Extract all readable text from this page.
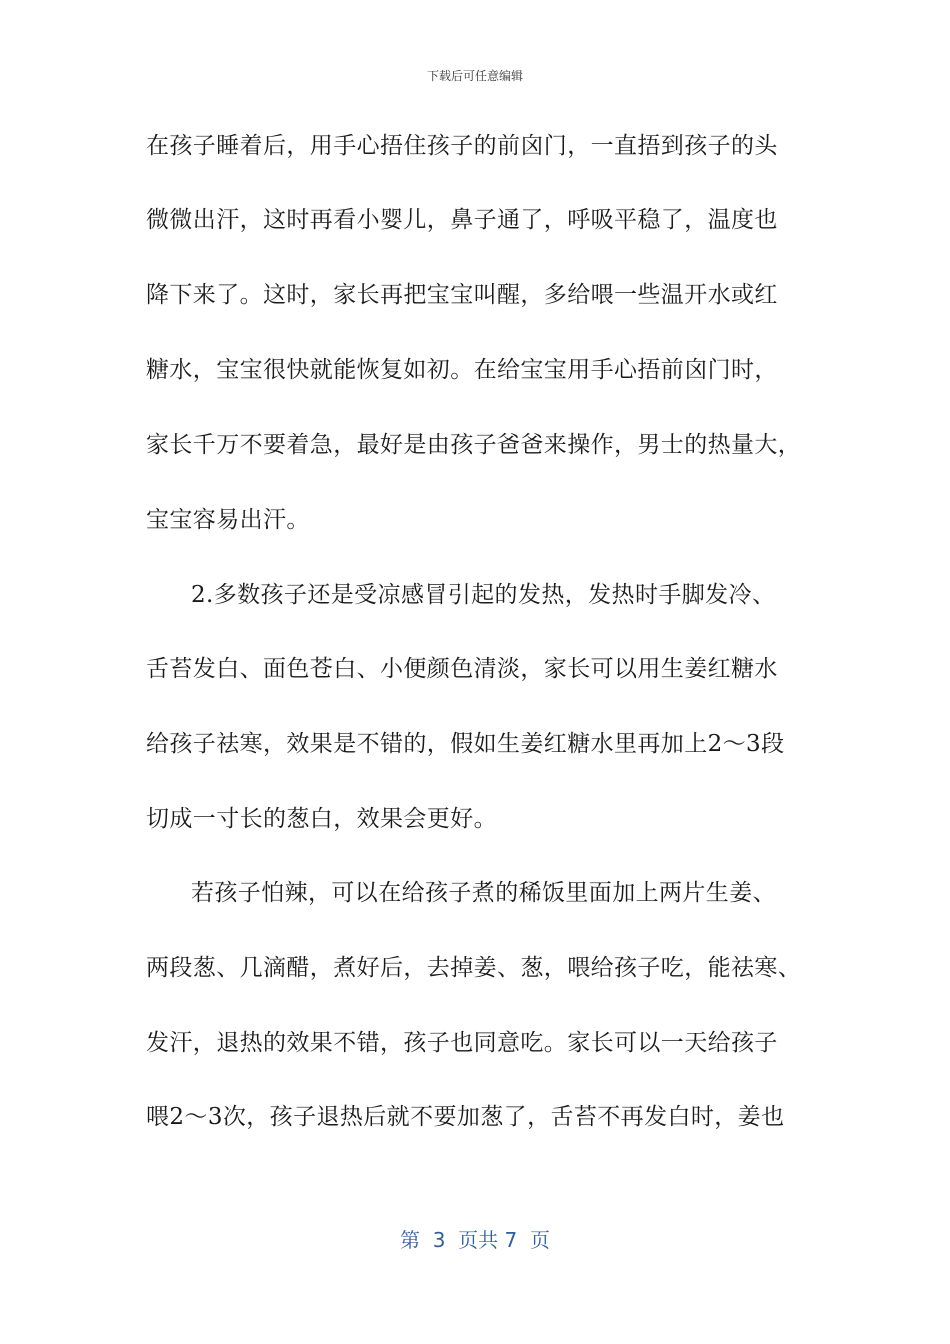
下载后可任意编辑
在孩子睡着后，用手心捂住孩子的前囟门，一直捂到孩子的头
微微出汗，这时再看小婴儿，鼻子通了，呼吸平稳了，温度也
降下来了。这时，家长再把宝宝叫醒，多给喂一些温开水或红
糖水，宝宝很快就能恢复如初。在给宝宝用手心捂前囟门时，
家长千万不要着急，最好是由孩子爸爸来操作，男士的热量大，
宝宝容易出汗。
2.多数孩子还是受凉感冒引起的发热，发热时手脚发冷、
舌苔发白、面色苍白、小便颜色清淡，家长可以用生姜红糖水
给孩子祛寒，效果是不错的，假如生姜红糖水里再加上2～3段
切成一寸长的葱白，效果会更好。
若孩子怕辣，可以在给孩子煮的稀饭里面加上两片生姜、
两段葱、几滴醋，煮好后，去掉姜、葱，喂给孩子吃，能祛寒、
发汗，退热的效果不错，孩子也同意吃。家长可以一天给孩子
喂2～3次，孩子退热后就不要加葱了，舌苔不再发白时，姜也
第  3  页共 7  页
